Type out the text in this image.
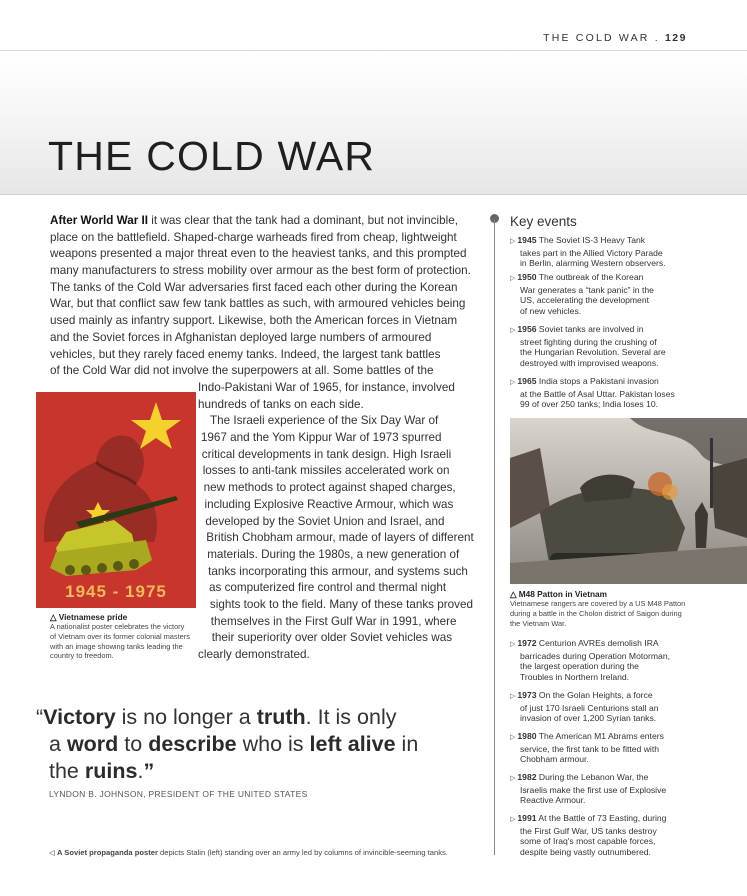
THE COLD WAR . 129
THE COLD WAR
After World War II it was clear that the tank had a dominant, but not invincible,
place on the battlefield. Shaped-charge warheads fired from cheap, lightweight
weapons presented a major threat even to the heaviest tanks, and this prompted
many manufacturers to stress mobility over armour as the best form of protection.
The tanks of the Cold War adversaries first faced each other during the Korean
War, but that conflict saw few tank battles as such, with armoured vehicles being
used mainly as infantry support. Likewise, both the American forces in Vietnam
and the Soviet forces in Afghanistan deployed large numbers of armoured
vehicles, but they rarely faced enemy tanks. Indeed, the largest tank battles
of the Cold War did not involve the superpowers at all. Some battles of the
Indo-Pakistani War of 1965, for instance, involved
hundreds of tanks on each side.
The Israeli experience of the Six Day War of
1967 and the Yom Kippur War of 1973 spurred
critical developments in tank design. High Israeli
losses to anti-tank missiles accelerated work on
new methods to protect against shaped charges,
including Explosive Reactive Armour, which was
developed by the Soviet Union and Israel, and
British Chobham armour, made of layers of different
materials. During the 1980s, a new generation of
tanks incorporating this armour, and systems such
as computerized fire control and thermal night
sights took to the field. Many of these tanks proved
themselves in the First Gulf War in 1991, where
their superiority over older Soviet vehicles was
clearly demonstrated.
1945 - 1975
△ Vietnamese pride
A nationalist poster celebrates the victory
of Vietnam over its former colonial masters
with an image showing tanks leading the
country to freedom.
“Victory is no longer a truth. It is only
a word to describe who is left alive in
the ruins.”
LYNDON B. JOHNSON, PRESIDENT OF THE UNITED STATES
◁ A Soviet propaganda poster depicts Stalin (left) standing over an army led by columns of invincible-seeming tanks.
Key events
▷ 1945 The Soviet IS-3 Heavy Tank
takes part in the Allied Victory Parade
in Berlin, alarming Western observers.
▷ 1950 The outbreak of the Korean
War generates a “tank panic” in the
US, accelerating the development
of new vehicles.
▷ 1956 Soviet tanks are involved in
street fighting during the crushing of
the Hungarian Revolution. Several are
destroyed with improvised weapons.
▷ 1965 India stops a Pakistani invasion
at the Battle of Asal Uttar. Pakistan loses
99 of over 250 tanks; India loses 10.
△ M48 Patton in Vietnam
Vietnamese rangers are covered by a US M48 Patton
during a battle in the Cholon district of Saigon during
the Vietnam War.
▷ 1972 Centurion AVREs demolish IRA
barricades during Operation Motorman,
the largest operation during the
Troubles in Northern Ireland.
▷ 1973 On the Golan Heights, a force
of just 170 Israeli Centurions stall an
invasion of over 1,200 Syrian tanks.
▷ 1980 The American M1 Abrams enters
service, the first tank to be fitted with
Chobham armour.
▷ 1982 During the Lebanon War, the
Israelis make the first use of Explosive
Reactive Armour.
▷ 1991 At the Battle of 73 Easting, during
the First Gulf War, US tanks destroy
some of Iraq's most capable forces,
despite being vastly outnumbered.
